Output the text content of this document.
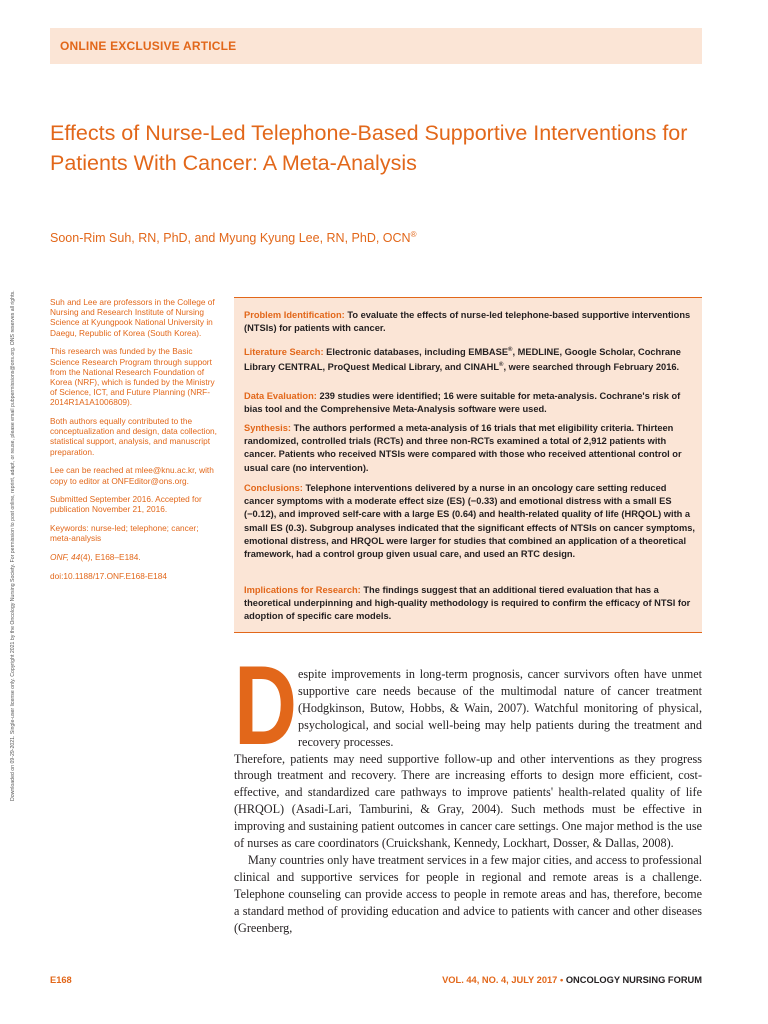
ONLINE EXCLUSIVE ARTICLE
Effects of Nurse-Led Telephone-Based Supportive Interventions for Patients With Cancer: A Meta-Analysis
Soon-Rim Suh, RN, PhD, and Myung Kyung Lee, RN, PhD, OCN®
Downloaded on 09-29-2021. Single-user license only. Copyright 2021 by the Oncology Nursing Society. For permission to post online, reprint, adapt, or reuse, please email pubpermissions@ons.org. ONS reserves all rights.	Suh and Lee are professors in the College of Nursing and Research Institute of Nursing Science at Kyungpook National University in Daegu, Republic of Korea (South Korea).

This research was funded by the Basic Science Research Program through support from the National Research Foundation of Korea (NRF), which is funded by the Ministry of Science, ICT, and Future Planning (NRF-2014R1A1A1006809).

Both authors equally contributed to the conceptualization and design, data collection, statistical support, analysis, and manuscript preparation.

Lee can be reached at mlee@knu.ac.kr, with copy to editor at ONFEditor@ons.org.

Submitted September 2016. Accepted for publication November 21, 2016.

Keywords: nurse-led; telephone; cancer; meta-analysis

ONF, 44(4), E168–E184.

doi:10.1188/17.ONF.E168-E184

Problem Identification: To evaluate the effects of nurse-led telephone-based supportive interventions (NTSIs) for patients with cancer.

Literature Search: Electronic databases, including EMBASE®, MEDLINE, Google Scholar, Cochrane Library CENTRAL, ProQuest Medical Library, and CINAHL®, were searched through February 2016.

Data Evaluation: 239 studies were identified; 16 were suitable for meta-analysis. Cochrane's risk of bias tool and the Comprehensive Meta-Analysis software were used.

Synthesis: The authors performed a meta-analysis of 16 trials that met eligibility criteria. Thirteen randomized, controlled trials (RCTs) and three non-RCTs examined a total of 2,912 patients with cancer. Patients who received NTSIs were compared with those who received attentional control or usual care (no intervention).

Conclusions: Telephone interventions delivered by a nurse in an oncology care setting reduced cancer symptoms with a moderate effect size (ES) (−0.33) and emotional distress with a small ES (−0.12), and improved self-care with a large ES (0.64) and health-related quality of life (HRQOL) with a small ES (0.3). Subgroup analyses indicated that the significant effects of NTSIs on cancer symptoms, emotional distress, and HRQOL were larger for studies that combined an application of a theoretical framework, had a control group given usual care, and used an RTC design.

Implications for Research: The findings suggest that an additional tiered evaluation that has a theoretical underpinning and high-quality methodology is required to confirm the efficacy of NTSI for adoption of specific care models.

D espite improvements in long-term prognosis, cancer survivors often have unmet supportive care needs because of the multimodal nature of cancer treatment (Hodgkinson, Butow, Hobbs, & Wain, 2007). Watchful monitoring of physical, psychological, and social well-being may help patients during the treatment and recovery processes.

Therefore, patients may need supportive follow-up and other interventions as they progress through treatment and recovery. There are increasing efforts to design more efficient, cost-effective, and standardized care pathways to improve patients' health-related quality of life (HRQOL) (Asadi-Lari, Tamburini, & Gray, 2004). Such methods must be effective in improving and sustaining patient outcomes in cancer care settings. One major method is the use of nurses as care coordinators (Cruickshank, Kennedy, Lockhart, Dosser, & Dallas, 2008).

Many countries only have treatment services in a few major cities, and access to professional clinical and supportive services for people in regional and remote areas is a challenge. Telephone counseling can provide access to people in remote areas and has, therefore, become a standard method of providing education and advice to patients with cancer and other diseases (Greenberg,

E168	VOL. 44, NO. 4, JULY 2017 • ONCOLOGY NURSING FORUM
